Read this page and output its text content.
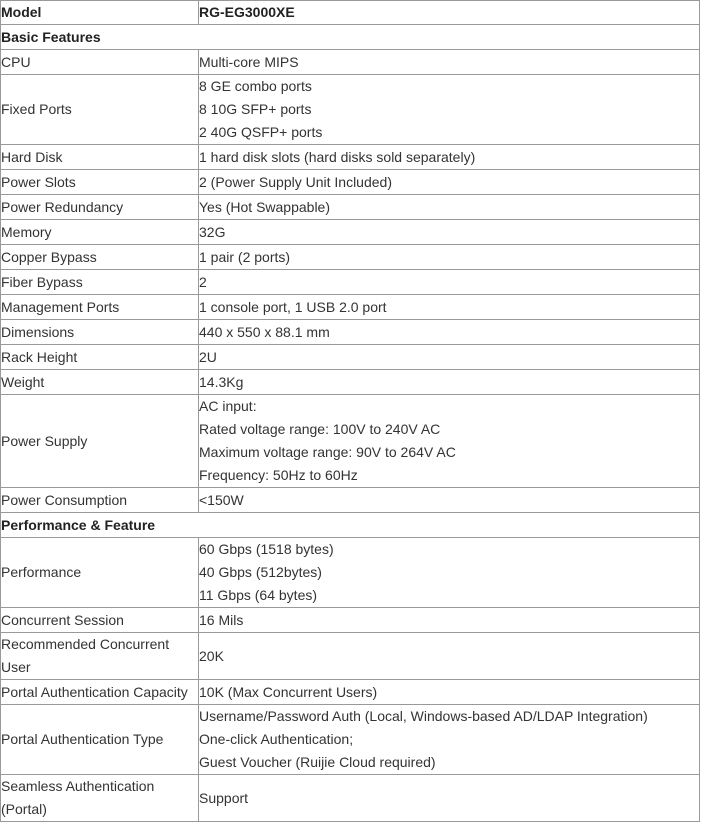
Model	RG-EG3000XE
Basic Features	

CPU	Multi-core MIPS

Fixed Ports	8 GE combo ports
8 10G SFP+ ports
2 40G QSFP+ ports

Hard Disk	1 hard disk slots (hard disks sold separately)

Power Slots	2 (Power Supply Unit Included)

Power Redundancy	Yes (Hot Swappable)

Memory	32G

Copper Bypass	1 pair (2 ports)

Fiber Bypass	2

Management Ports	1 console port, 1 USB 2.0 port

Dimensions	440 x 550 x 88.1 mm

Rack Height	2U

Weight	14.3Kg

Power Supply	AC input:
Rated voltage range: 100V to 240V AC
Maximum voltage range: 90V to 264V AC
Frequency: 50Hz to 60Hz

Power Consumption	<150W

Performance & Feature	

Performance	60 Gbps (1518 bytes)
40 Gbps (512bytes)
11 Gbps (64 bytes)

Concurrent Session	16 Mils

Recommended Concurrent
User	20K

Portal Authentication Capacity	10K (Max Concurrent Users)

Portal Authentication Type	Username/Password Auth (Local, Windows-based AD/LDAP Integration)
One-click Authentication;
Guest Voucher (Ruijie Cloud required)

Seamless Authentication
(Portal)	Support
